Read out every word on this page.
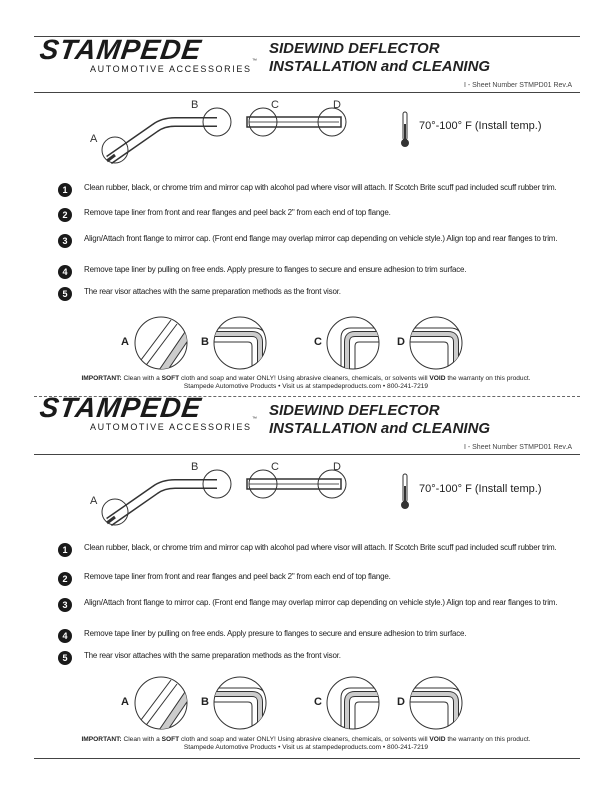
STAMPEDE
AUTOMOTIVE ACCESSORIES
™
SIDEWIND DEFLECTOR
INSTALLATION and CLEANING
I - Sheet Number STMPD01 Rev.A
A
B	C	D
70°-100° F (Install temp.)
1	Clean rubber, black, or chrome trim and mirror cap with alcohol pad where visor will attach. If Scotch Brite scuff pad included scuff rubber trim.
2	Remove tape liner from front and rear flanges and peel back 2" from each end of top flange.
3	Align/Attach front flange to mirror cap. (Front end flange may overlap mirror cap depending on vehicle style.) Align top and rear flanges to trim.
4	Remove tape liner by pulling on free ends. Apply presure to flanges to secure and ensure adhesion to trim surface.
5	The rear visor attaches with the same preparation methods as the front visor.
A	B	C	D
IMPORTANT: Clean with a SOFT cloth and soap and water ONLY! Using abrasive cleaners, chemicals, or solvents will VOID the warranty on this product.
Stampede Automotive Products • Visit us at stampedeproducts.com • 800-241-7219
STAMPEDE
AUTOMOTIVE ACCESSORIES
™ SIDEWIND DEFLECTOR
INSTALLATION and CLEANING
I - Sheet Number STMPD01 Rev.A
A
B	C	D
70°-100° F (Install temp.)
1	Clean rubber, black, or chrome trim and mirror cap with alcohol pad where visor will attach. If Scotch Brite scuff pad included scuff rubber trim.
2	Remove tape liner from front and rear flanges and peel back 2" from each end of top flange.
3	Align/Attach front flange to mirror cap. (Front end flange may overlap mirror cap depending on vehicle style.) Align top and rear flanges to trim.
4	Remove tape liner by pulling on free ends. Apply presure to flanges to secure and ensure adhesion to trim surface.
5	The rear visor attaches with the same preparation methods as the front visor.
A	B	C	D
IMPORTANT: Clean with a SOFT cloth and soap and water ONLY! Using abrasive cleaners, chemicals, or solvents will VOID the warranty on this product.
Stampede Automotive Products • Visit us at stampedeproducts.com • 800-241-7219
